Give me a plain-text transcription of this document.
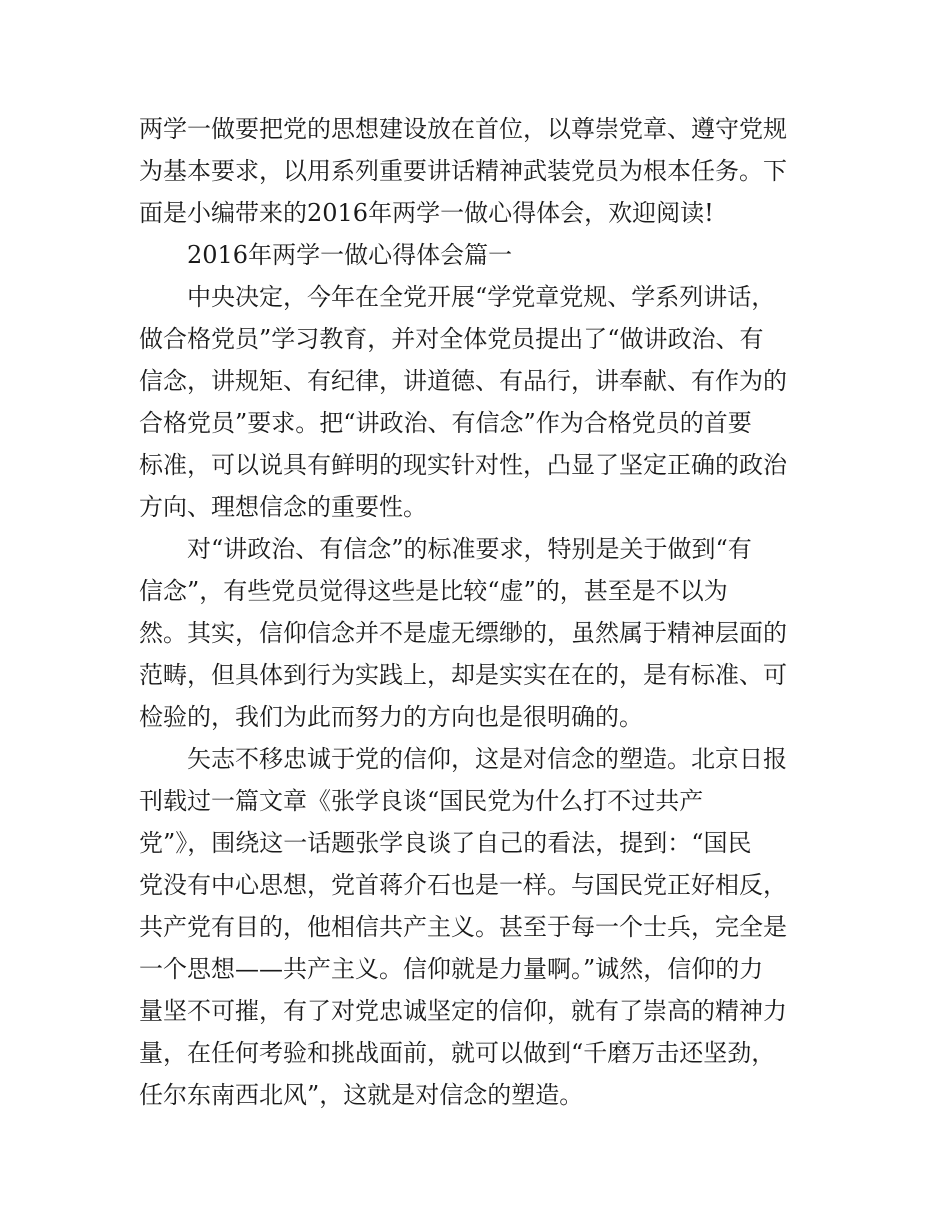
两学一做要把党的思想建设放在首位，以尊崇党章、遵守党规
为基本要求，以用系列重要讲话精神武装党员为根本任务。下
面是小编带来的2016年两学一做心得体会，欢迎阅读!
2016年两学一做心得体会篇一
中央决定，今年在全党开展“学党章党规、学系列讲话，
做合格党员”学习教育，并对全体党员提出了“做讲政治、有
信念，讲规矩、有纪律，讲道德、有品行，讲奉献、有作为的
合格党员”要求。把“讲政治、有信念”作为合格党员的首要
标准，可以说具有鲜明的现实针对性，凸显了坚定正确的政治
方向、理想信念的重要性。
对“讲政治、有信念”的标准要求，特别是关于做到“有
信念”，有些党员觉得这些是比较“虚”的，甚至是不以为
然。其实，信仰信念并不是虚无缥缈的，虽然属于精神层面的
范畴，但具体到行为实践上，却是实实在在的，是有标准、可
检验的，我们为此而努力的方向也是很明确的。
矢志不移忠诚于党的信仰，这是对信念的塑造。北京日报
刊载过一篇文章《张学良谈“国民党为什么打不过共产
党”》，围绕这一话题张学良谈了自己的看法，提到：“国民
党没有中心思想，党首蒋介石也是一样。与国民党正好相反，
共产党有目的，他相信共产主义。甚至于每一个士兵，完全是
一个思想——共产主义。信仰就是力量啊。”诚然，信仰的力
量坚不可摧，有了对党忠诚坚定的信仰，就有了崇高的精神力
量，在任何考验和挑战面前，就可以做到“千磨万击还坚劲，
任尔东南西北风”，这就是对信念的塑造。
